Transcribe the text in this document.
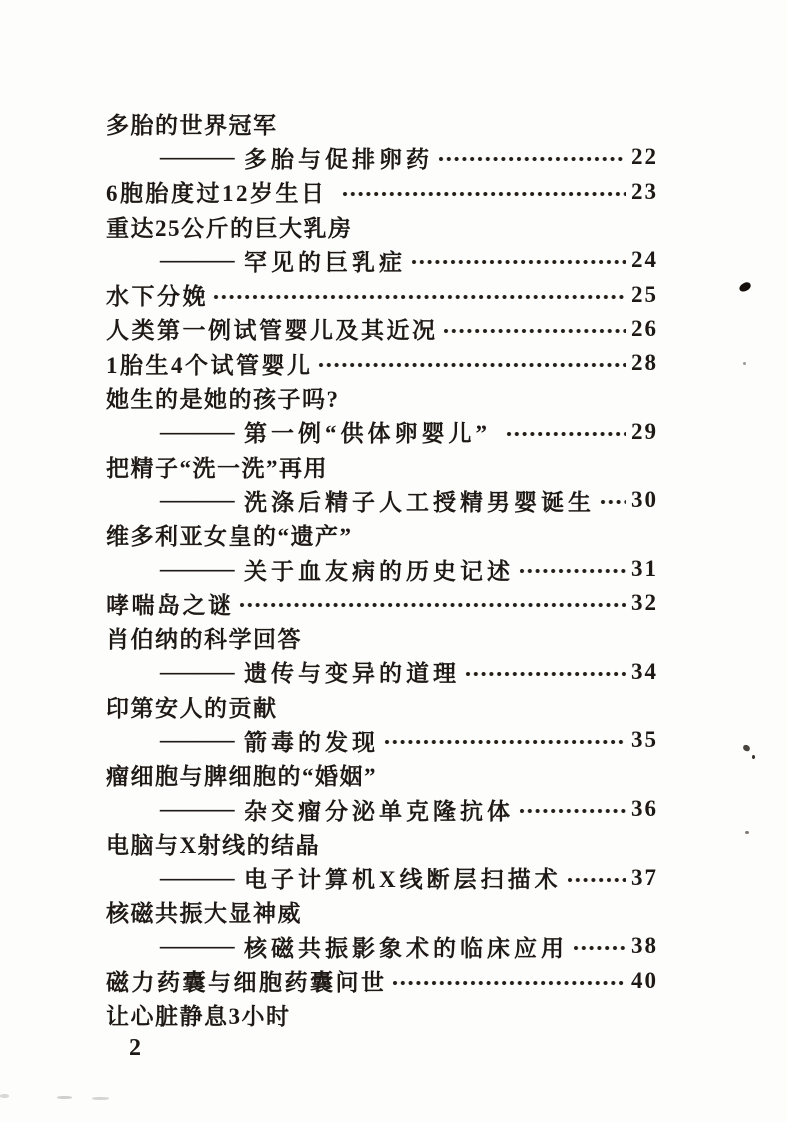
多胎的世界冠军
—— 多胎与促排卵药	22
6胞胎度过12岁生日	23
重达25公斤的巨大乳房
—— 罕见的巨乳症	24
水下分娩	25
人类第一例试管婴儿及其近况	26
1胎生4个试管婴儿	28
她生的是她的孩子吗?
—— 第一例“供体卵婴儿”	29
把精子“洗一洗”再用
—— 洗涤后精子人工授精男婴诞生 30
维多利亚女皇的“遗产”
—— 关于血友病的历史记述	31
哮喘岛之谜	32
肖伯纳的科学回答
—— 遗传与变异的道理	34
印第安人的贡献
—— 箭毒的发现	35
瘤细胞与脾细胞的“婚姻”
—— 杂交瘤分泌单克隆抗体	36
电脑与X射线的结晶
—— 电子计算机X线断层扫描术	37
核磁共振大显神威
—— 核磁共振影象术的临床应用	38
磁力药囊与细胞药囊问世	40
让心脏静息3小时
2
